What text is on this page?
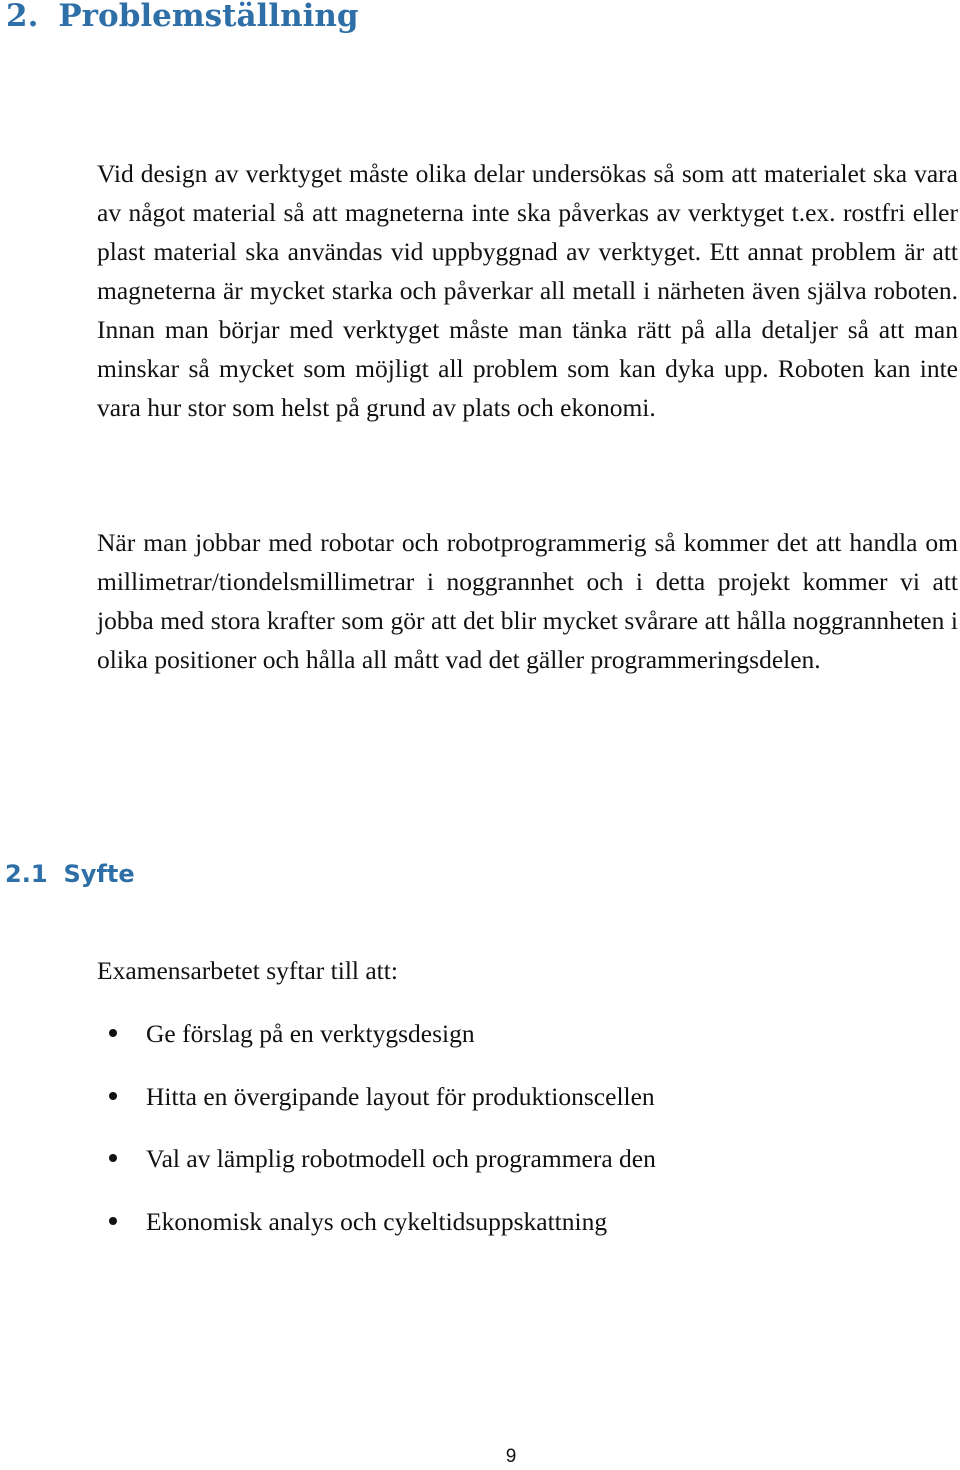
2. Problemställning

Vid design av verktyget måste olika delar undersökas så som att materialet ska vara av något material så att magneterna inte ska påverkas av verktyget t.ex. rostfri eller plast material ska användas vid uppbyggnad av verktyget. Ett annat problem är att magneterna är mycket starka och påverkar all metall i närheten även själva roboten. Innan man börjar med verktyget måste man tänka rätt på alla detaljer så att man minskar så mycket som möjligt all problem som kan dyka upp. Roboten kan inte vara hur stor som helst på grund av plats och ekonomi.

När man jobbar med robotar och robotprogrammerig så kommer det att handla om millimetrar/tiondelsmillimetrar i noggrannhet och i detta projekt kommer vi att jobba med stora krafter som gör att det blir mycket svårare att hålla noggrannheten i olika positioner och hålla all mått vad det gäller programmeringsdelen.

2.1 Syfte

Examensarbetet syftar till att:

Ge förslag på en verktygsdesign
Hitta en övergipande layout för produktionscellen
Val av lämplig robotmodell och programmera den
Ekonomisk analys och cykeltidsuppskattning

9
